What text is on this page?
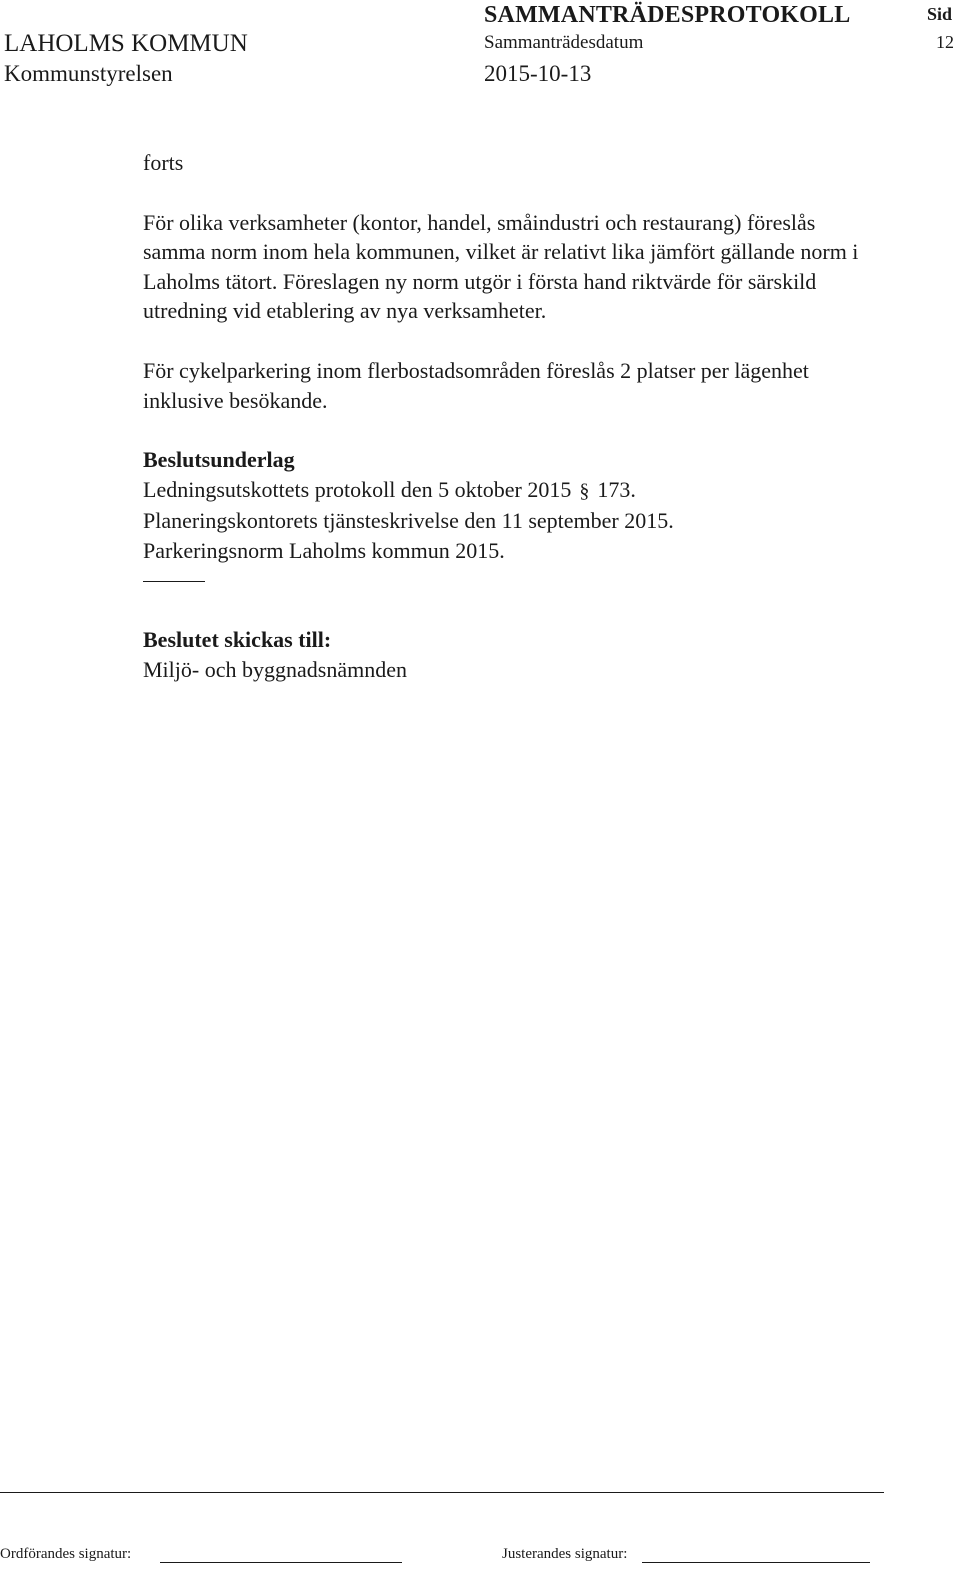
LAHOLMS KOMMUN
Kommunstyrelsen
SAMMANTRÄDESPROTOKOLL
Sammanträdesdatum
2015-10-13
Sid
12

forts

För olika verksamheter (kontor, handel, småindustri och restaurang) föreslås samma norm inom hela kommunen, vilket är relativt lika jämfört gällande norm i Laholms tätort. Föreslagen ny norm utgör i första hand riktvärde för särskild utredning vid etablering av nya verksamheter.

För cykelparkering inom flerbostadsområden föreslås 2 platser per lägenhet inklusive besökande.

Beslutsunderlag

Ledningsutskottets protokoll den 5 oktober 2015 § 173.

Planeringskontorets tjänsteskrivelse den 11 september 2015.

Parkeringsnorm Laholms kommun 2015.

Beslutet skickas till:

Miljö- och byggnadsnämnden

Ordförandes signatur:	Justerandes signatur:
